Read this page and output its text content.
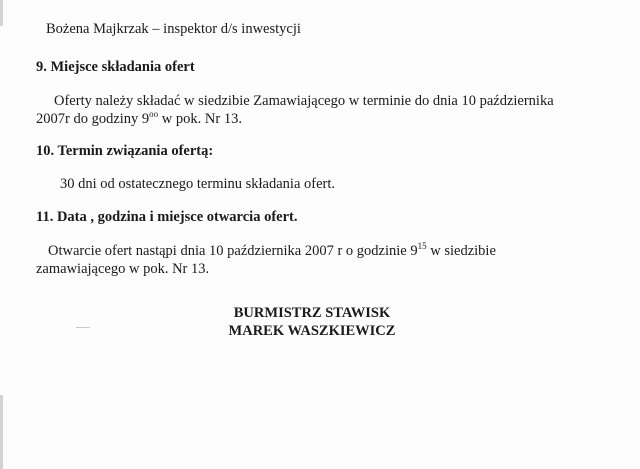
Bożena Majkrzak – inspektor d/s inwestycji
9. Miejsce składania ofert
Oferty należy składać w siedzibie Zamawiającego w terminie do dnia 10 października
2007r do godziny $9^{oo}$ w pok. Nr 13.
10. Termin związania ofertą:
30 dni od ostatecznego terminu składania ofert.
11. Data , godzina i miejsce otwarcia ofert.
Otwarcie ofert nastąpi dnia 10 października 2007 r o godzinie $9^{15}$ w siedzibie
zamawiającego w pok. Nr 13.
BURMISTRZ STAWISK
MAREK WASZKIEWICZ
